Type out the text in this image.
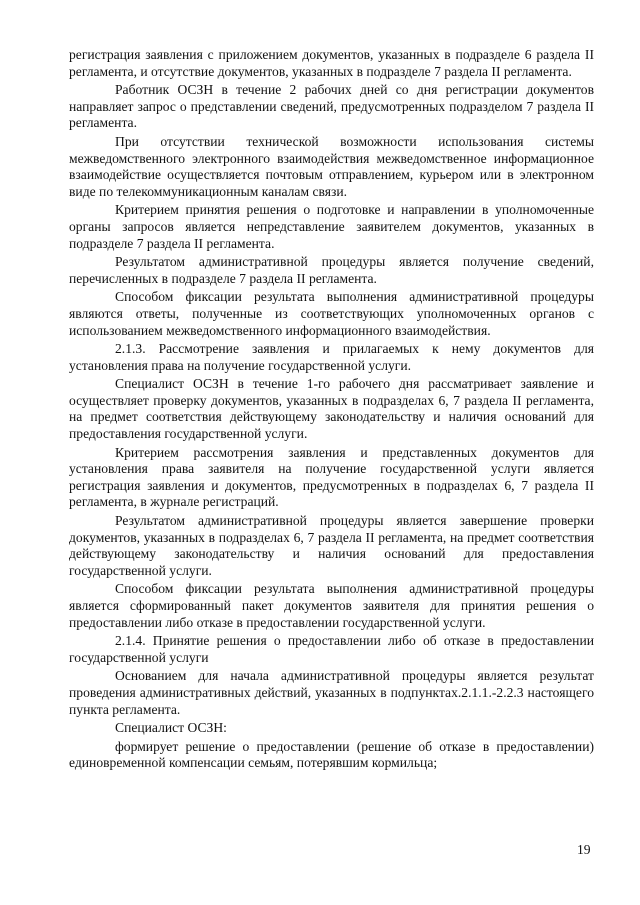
регистрация заявления с приложением документов, указанных в подразделе 6 раздела II регламента, и отсутствие документов, указанных в подразделе 7 раздела II регламента.

Работник ОСЗН в течение 2 рабочих дней со дня регистрации документов направляет запрос о представлении сведений, предусмотренных подразделом 7 раздела II регламента.

При отсутствии технической возможности использования системы межведомственного электронного взаимодействия межведомственное информационное взаимодействие осуществляется почтовым отправлением, курьером или в электронном виде по телекоммуникационным каналам связи.

Критерием принятия решения о подготовке и направлении в уполномоченные органы запросов является непредставление заявителем документов, указанных в подразделе 7 раздела II регламента.

Результатом административной процедуры является получение сведений, перечисленных в подразделе 7 раздела II регламента.

Способом фиксации результата выполнения административной процедуры являются ответы, полученные из соответствующих уполномоченных органов с использованием межведомственного информационного взаимодействия.

2.1.3. Рассмотрение заявления и прилагаемых к нему документов для установления права на получение государственной услуги.

Специалист ОСЗН в течение 1-го рабочего дня рассматривает заявление и осуществляет проверку документов, указанных в подразделах 6, 7 раздела II регламента, на предмет соответствия действующему законодательству и наличия оснований для предоставления государственной услуги.

Критерием рассмотрения заявления и представленных документов для установления права заявителя на получение государственной услуги является регистрация заявления и документов, предусмотренных в подразделах 6, 7 раздела II регламента, в журнале регистраций.

Результатом административной процедуры является завершение проверки документов, указанных в подразделах 6, 7 раздела II регламента, на предмет соответствия действующему законодательству и наличия оснований для предоставления государственной услуги.

Способом фиксации результата выполнения административной процедуры является сформированный пакет документов заявителя для принятия решения о предоставлении либо отказе в предоставлении государственной услуги.

2.1.4. Принятие решения о предоставлении либо об отказе в предоставлении государственной услуги

Основанием для начала административной процедуры является результат проведения административных действий, указанных в подпунктах.2.1.1.-2.2.3 настоящего пункта регламента.

Специалист ОСЗН:

формирует решение о предоставлении (решение об отказе в предоставлении) единовременной компенсации семьям, потерявшим кормильца;

19
